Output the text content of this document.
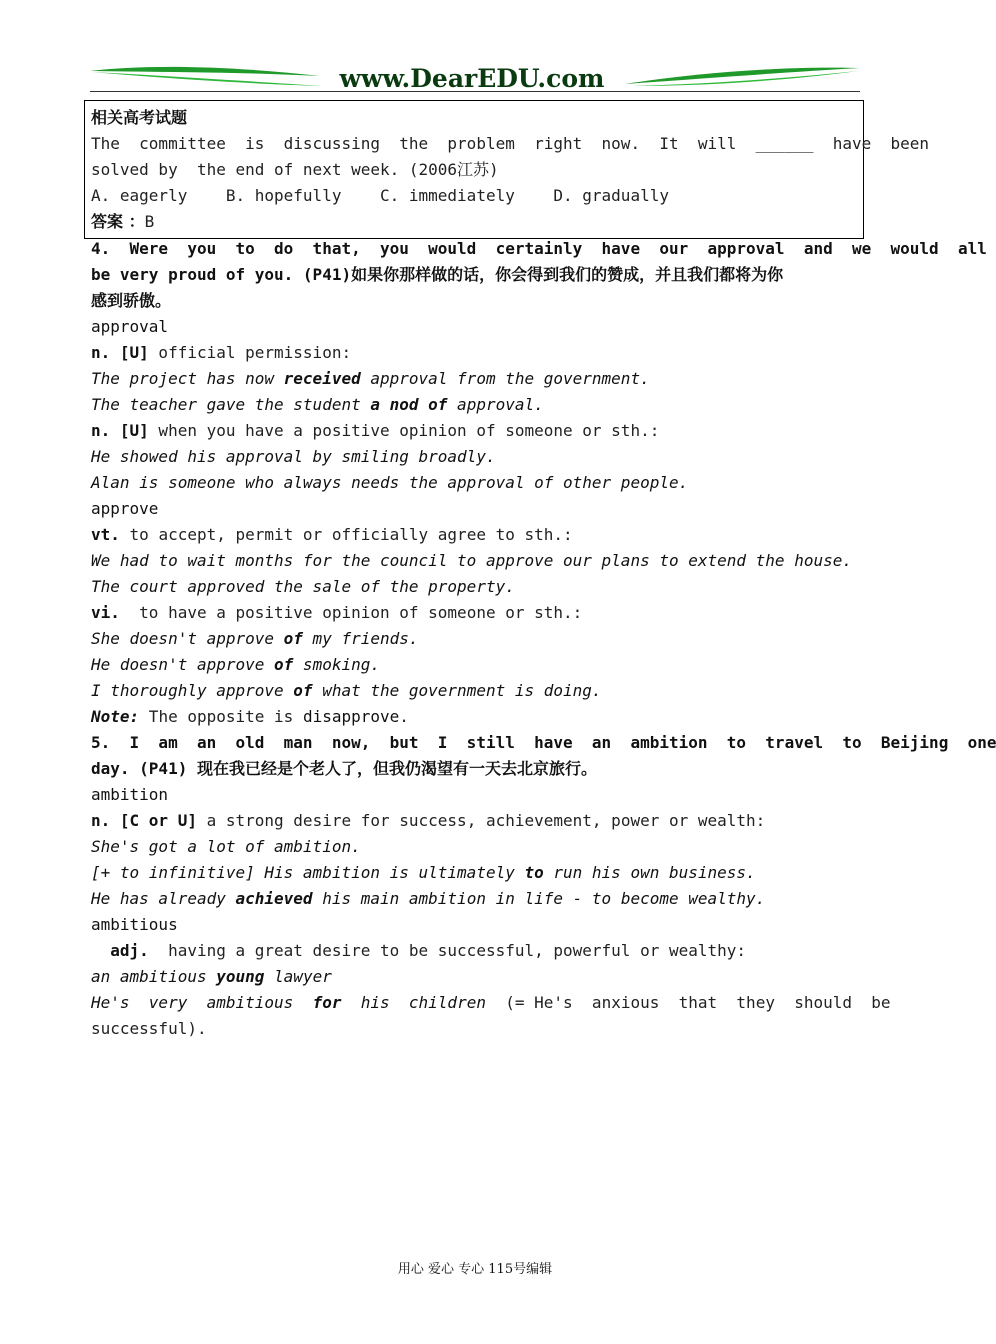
www.DearEDU.com
相关高考试题
The  committee  is  discussing  the  problem  right  now.  It  will  ______  have  been
solved by  the end of next week. (2006江苏)
A. eagerly    B. hopefully    C. immediately    D. gradually
答案 ：B
4.  Were  you  to  do  that,  you  would  certainly  have  our  approval  and  we  would  all
be very proud of you. (P41)如果你那样做的话，你会得到我们的赞成，并且我们都将为你
感到骄傲。
approval
n. [U] official permission:
The project has now received approval from the government.
The teacher gave the student a nod of approval.
n. [U] when you have a positive opinion of someone or sth.:
He showed his approval by smiling broadly.
Alan is someone who always needs the approval of other people.
approve
vt. to accept, permit or officially agree to sth.:
We had to wait months for the council to approve our plans to extend the house.
The court approved the sale of the property.
vi.  to have a positive opinion of someone or sth.:
She doesn't approve of my friends.
He doesn't approve of smoking.
I thoroughly approve of what the government is doing.
Note: The opposite is disapprove.
5.  I  am  an  old  man  now,  but  I  still  have  an  ambition  to  travel  to  Beijing  one
day. (P41) 现在我已经是个老人了，但我仍渴望有一天去北京旅行。
ambition
n. [C or U] a strong desire for success, achievement, power or wealth:
She's got a lot of ambition.
[+ to infinitive] His ambition is ultimately to run his own business.
He has already achieved his main ambition in life - to become wealthy.
ambitious
adj.  having a great desire to be successful, powerful or wealthy:
an ambitious young lawyer
He's  very  ambitious  for  his  children  (= He's  anxious  that  they  should  be
successful).
用心 爱心 专心 115号编辑
